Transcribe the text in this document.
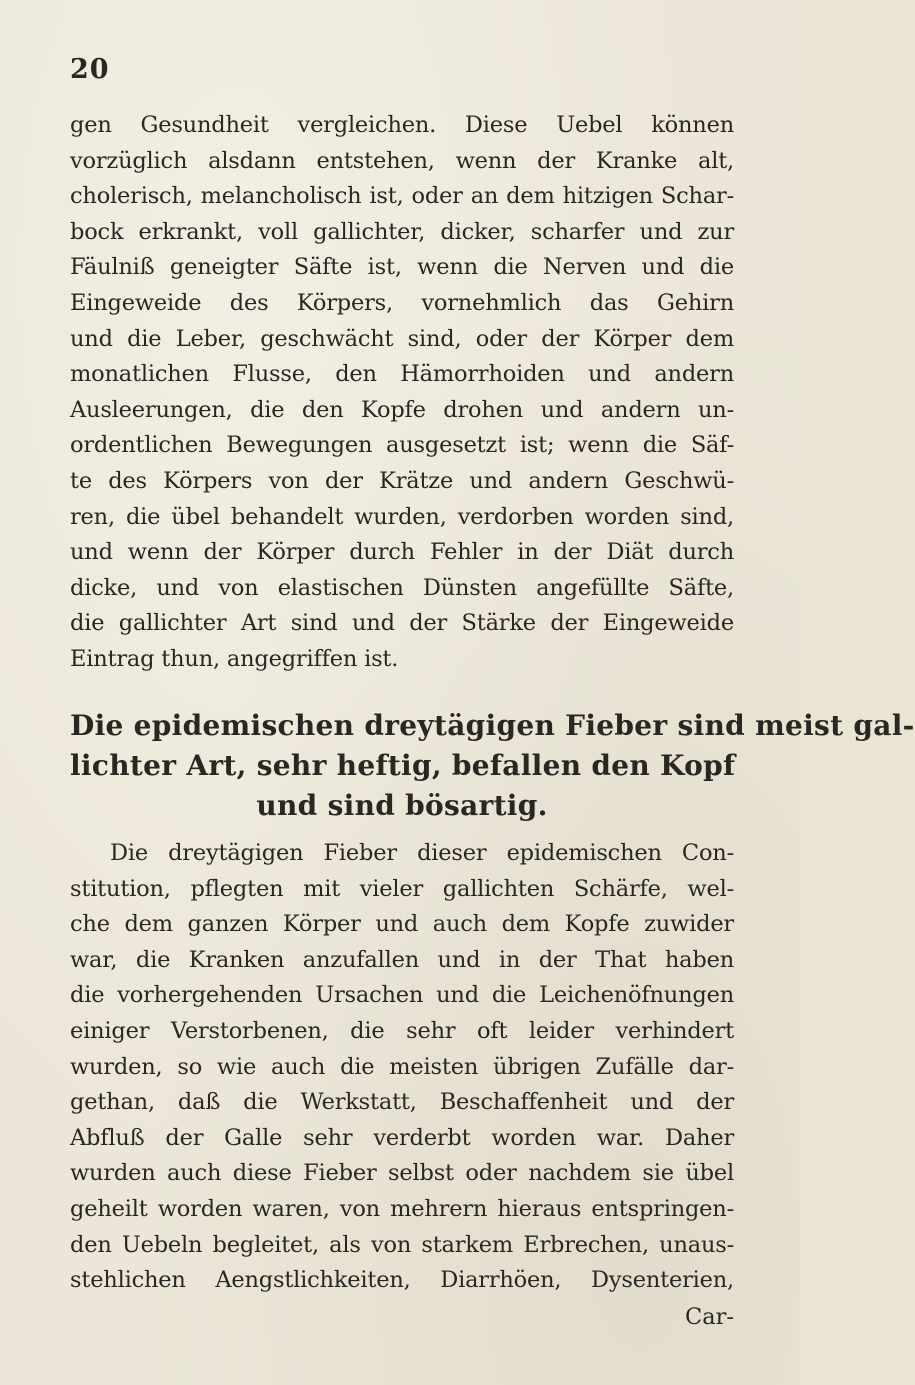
20
gen Gesundheit vergleichen. Diese Uebel können
vorzüglich alsdann entstehen, wenn der Kranke alt,
cholerisch, melancholisch ist, oder an dem hitzigen Schar-
bock erkrankt, voll gallichter, dicker, scharfer und zur
Fäulniß geneigter Säfte ist, wenn die Nerven und die
Eingeweide des Körpers, vornehmlich das Gehirn
und die Leber, geschwächt sind, oder der Körper dem
monatlichen Flusse, den Hämorrhoiden und andern
Ausleerungen, die den Kopfe drohen und andern un-
ordentlichen Bewegungen ausgesetzt ist; wenn die Säf-
te des Körpers von der Krätze und andern Geschwü-
ren, die übel behandelt wurden, verdorben worden sind,
und wenn der Körper durch Fehler in der Diät durch
dicke, und von elastischen Dünsten angefüllte Säfte,
die gallichter Art sind und der Stärke der Eingeweide
Eintrag thun, angegriffen ist.
Die epidemischen dreytägigen Fieber sind meist gal-
lichter Art, sehr heftig, befallen den Kopf
und sind bösartig.
Die dreytägigen Fieber dieser epidemischen Con-
stitution, pflegten mit vieler gallichten Schärfe, wel-
che dem ganzen Körper und auch dem Kopfe zuwider
war, die Kranken anzufallen und in der That haben
die vorhergehenden Ursachen und die Leichenöfnungen
einiger Verstorbenen, die sehr oft leider verhindert
wurden, so wie auch die meisten übrigen Zufälle dar-
gethan, daß die Werkstatt, Beschaffenheit und der
Abfluß der Galle sehr verderbt worden war. Daher
wurden auch diese Fieber selbst oder nachdem sie übel
geheilt worden waren, von mehrern hieraus entspringen-
den Uebeln begleitet, als von starkem Erbrechen, unaus-
stehlichen Aengstlichkeiten, Diarrhöen, Dysenterien,
Car-
